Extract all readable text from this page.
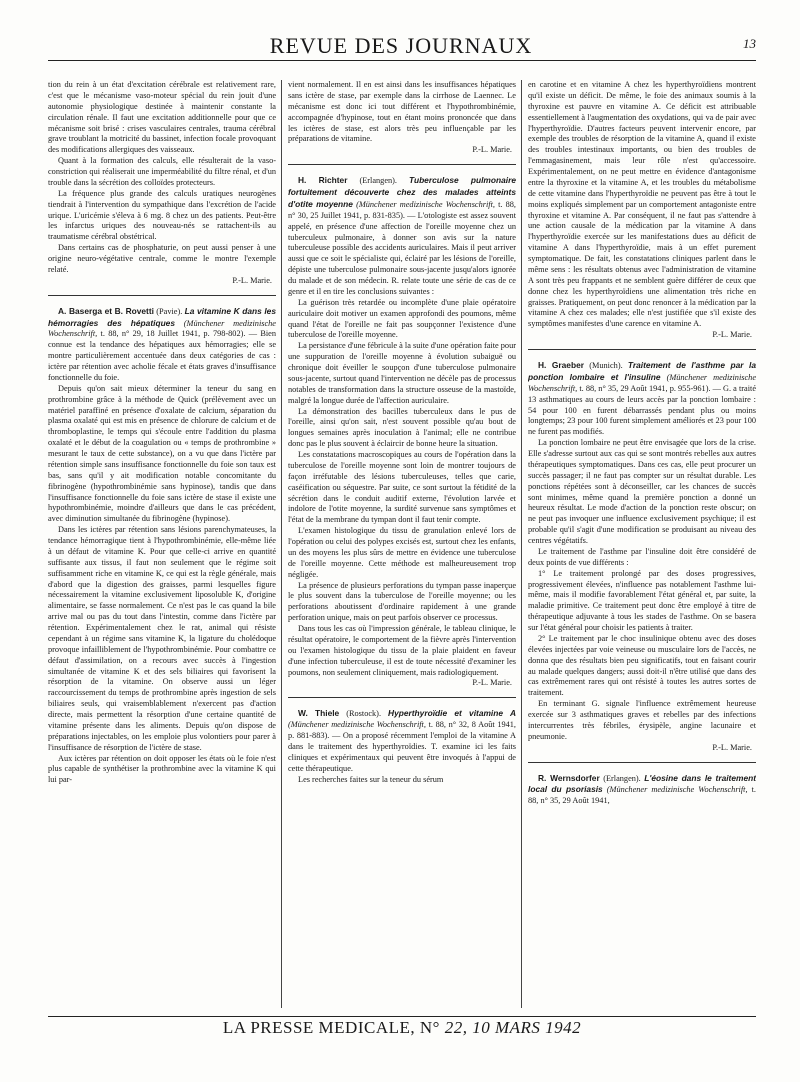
REVUE DES JOURNAUX	13

tion du rein à un état d'excitation cérébrale est relativement rare, c'est que le mécanisme vaso-moteur spécial du rein jouit d'une autonomie physiologique destinée à maintenir constante la circulation rénale. Il faut une excitation additionnelle pour que ce mécanisme soit brisé : crises vasculaires centrales, trauma cérébral grave troublant la motricité du bassinet, infection focale provoquant des modifications allergiques des vaisseaux.

Quant à la formation des calculs, elle résulterait de la vaso-constriction qui réaliserait une imperméabilité du filtre rénal, et d'un trouble dans la sécrétion des colloïdes protecteurs.

La fréquence plus grande des calculs uratiques neurogènes tiendrait à l'intervention du sympathique dans l'excrétion de l'acide urique. L'uricémie s'éleva à 6 mg. 8 chez un des patients. Peut-être les infarctus uriques des nouveau-nés se rattachent-ils au traumatisme cérébral obstétrical.

Dans certains cas de phosphaturie, on peut aussi penser à une origine neuro-végétative centrale, comme le montre l'exemple relaté.

P.-L. Marie.

A. Baserga et B. Rovetti (Pavie). La vitamine K dans les hémorragies des hépatiques (Münchener medizinische Wochenschrift, t. 88, n° 29, 18 Juillet 1941, p. 798-802). — Bien connue est la tendance des hépatiques aux hémorragies; elle se montre particulièrement accentuée dans deux catégories de cas : ictère par rétention avec acholie fécale et états graves d'insuffisance fonctionnelle du foie.

Depuis qu'on sait mieux déterminer la teneur du sang en prothrombine grâce à la méthode de Quick (prélèvement avec un matériel paraffiné en présence d'oxalate de calcium, séparation du plasma oxalaté qui est mis en présence de chlorure de calcium et de thromboplastine, le temps qui s'écoule entre l'addition du plasma oxalaté et le début de la coagulation ou « temps de prothrombine » mesurant le taux de cette substance), on a vu que dans l'ictère par rétention simple sans insuffisance fonctionnelle du foie son taux est bas, sans qu'il y ait modification notable concomitante du fibrinogène (hypothrombinémie sans hypinose), tandis que dans l'insuffisance fonctionnelle du foie sans ictère de stase il existe une hypothrombinémie, moindre d'ailleurs que dans le cas précédent, avec diminution simultanée du fibrinogène (hypinose).

Dans les ictères par rétention sans lésions parenchymateuses, la tendance hémorragique tient à l'hypothrombinémie, elle-même liée à un défaut de vitamine K. Pour que celle-ci arrive en quantité suffisante aux tissus, il faut non seulement que le régime soit suffisamment riche en vitamine K, ce qui est la règle générale, mais d'abord que la digestion des graisses, parmi lesquelles figure nécessairement la vitamine exclusivement liposoluble K, d'origine alimentaire, se fasse normalement. Ce n'est pas le cas quand la bile arrive mal ou pas du tout dans l'intestin, comme dans l'ictère par rétention. Expérimentalement chez le rat, animal qui résiste cependant à un régime sans vitamine K, la ligature du cholédoque provoque infailliblement de l'hypothrombinémie. Pour combattre ce défaut d'assimilation, on a recours avec succès à l'ingestion simultanée de vitamine K et des sels biliaires qui favorisent la résorption de la vitamine. On observe aussi un léger raccourcissement du temps de prothrombine après ingestion de sels biliaires seuls, qui vraisemblablement n'exercent pas d'action directe, mais permettent la résorption d'une certaine quantité de vitamine présente dans les aliments. Depuis qu'on dispose de préparations injectables, on les emploie plus volontiers pour parer à l'insuffisance de résorption de l'ictère de stase.

Aux ictères par rétention on doit opposer les états où le foie n'est plus capable de synthétiser la prothrombine avec la vitamine K qui lui par-

vient normalement. Il en est ainsi dans les insuffisances hépatiques sans ictère de stase, par exemple dans la cirrhose de Laennec. Le mécanisme est donc ici tout différent et l'hypothrombinémie, accompagnée d'hypinose, tout en étant moins prononcée que dans les ictères de stase, est alors très peu influençable par les préparations de vitamine.

P.-L. Marie.

H. Richter (Erlangen). Tuberculose pulmonaire fortuitement découverte chez des malades atteints d'otite moyenne (Münchener medizinische Wochenschrift, t. 88, n° 30, 25 Juillet 1941, p. 831-835). — L'otologiste est assez souvent appelé, en présence d'une affection de l'oreille moyenne chez un tuberculeux pulmonaire, à donner son avis sur la nature tuberculeuse possible des accidents auriculaires. Mais il peut arriver aussi que ce soit le spécialiste qui, éclairé par les lésions de l'oreille, dépiste une tuberculose pulmonaire sous-jacente jusqu'alors ignorée du malade et de son médecin. R. relate toute une série de cas de ce genre et il en tire les conclusions suivantes :

La guérison très retardée ou incomplète d'une plaie opératoire auriculaire doit motiver un examen approfondi des poumons, même quand l'état de l'oreille ne fait pas soupçonner l'existence d'une tuberculose de l'oreille moyenne.

La persistance d'une fébricule à la suite d'une opération faite pour une suppuration de l'oreille moyenne à évolution subaiguë ou chronique doit éveiller le soupçon d'une tuberculose pulmonaire sous-jacente, surtout quand l'intervention ne décèle pas de processus notables de transformation dans la structure osseuse de la mastoïde, malgré la longue durée de l'affection auriculaire.

La démonstration des bacilles tuberculeux dans le pus de l'oreille, ainsi qu'on sait, n'est souvent possible qu'au bout de longues semaines après inoculation à l'animal; elle ne contribue donc pas le plus souvent à éclaircir de bonne heure la situation.

Les constatations macroscopiques au cours de l'opération dans la tuberculose de l'oreille moyenne sont loin de montrer toujours de façon irréfutable des lésions tuberculeuses, telles que carie, caséification ou séquestre. Par suite, ce sont surtout la fétidité de la sécrétion dans le conduit auditif externe, l'évolution larvée et indolore de l'otite moyenne, la surdité survenue sans symptômes et l'état de la membrane du tympan dont il faut tenir compte.

L'examen histologique du tissu de granulation enlevé lors de l'opération ou celui des polypes excisés est, surtout chez les enfants, un des moyens les plus sûrs de mettre en évidence une tuberculose de l'oreille moyenne. Cette méthode est malheureusement trop négligée.

La présence de plusieurs perforations du tympan passe inaperçue le plus souvent dans la tuberculose de l'oreille moyenne; ou les perforations aboutissent d'ordinaire rapidement à une grande perforation unique, mais on peut parfois observer ce processus.

Dans tous les cas où l'impression générale, le tableau clinique, le résultat opératoire, le comportement de la fièvre après l'intervention ou l'examen histologique du tissu de la plaie plaident en faveur d'une infection tuberculeuse, il est de toute nécessité d'examiner les poumons, non seulement cliniquement, mais radiologiquement.

P.-L. Marie.

W. Thiele (Rostock). Hyperthyroïdie et vitamine A (Münchener medizinische Wochenschrift, t. 88, n° 32, 8 Août 1941, p. 881-883). — On a proposé récemment l'emploi de la vitamine A dans le traitement des hyperthyroïdies. T. examine ici les faits cliniques et expérimentaux qui peuvent être invoqués à l'appui de cette thérapeutique.

Les recherches faites sur la teneur du sérum

en carotine et en vitamine A chez les hyperthyroïdiens montrent qu'il existe un déficit. De même, le foie des animaux soumis à la thyroxine est pauvre en vitamine A. Ce déficit est attribuable essentiellement à l'augmentation des oxydations, qui va de pair avec l'hyperthyroïdie. D'autres facteurs peuvent intervenir encore, par exemple des troubles de résorption de la vitamine A, quand il existe des troubles intestinaux importants, ou bien des troubles de l'emmagasinement, mais leur rôle n'est qu'accessoire. Expérimentalement, on ne peut mettre en évidence d'antagonisme entre la thyroxine et la vitamine A, et les troubles du métabolisme de cette vitamine dans l'hyperthyroïdie ne peuvent pas être à tout le moins expliqués simplement par un comportement antagoniste entre thyroxine et vitamine A. Par conséquent, il ne faut pas s'attendre à une action causale de la médication par la vitamine A dans l'hyperthyroïdie exercée sur les manifestations dues au déficit de vitamine A dans l'hyperthyroïdie, mais à un effet purement symptomatique. De fait, les constatations cliniques parlent dans le même sens : les résultats obtenus avec l'administration de vitamine A sont très peu frappants et ne semblent guère différer de ceux que donne chez les hyperthyroïdiens une alimentation très riche en graisses. Pratiquement, on peut donc renoncer à la médication par la vitamine A chez ces malades; elle n'est justifiée que s'il existe des symptômes manifestes d'une carence en vitamine A.

P.-L. Marie.

H. Graeber (Munich). Traitement de l'asthme par la ponction lombaire et l'insuline (Münchener medizinische Wochenschrift, t. 88, n° 35, 29 Août 1941, p. 955-961). — G. a traité 13 asthmatiques au cours de leurs accès par la ponction lombaire : 54 pour 100 en furent débarrassés pendant plus ou moins longtemps; 23 pour 100 furent simplement améliorés et 23 pour 100 ne furent pas modifiés.

La ponction lombaire ne peut être envisagée que lors de la crise. Elle s'adresse surtout aux cas qui se sont montrés rebelles aux autres thérapeutiques symptomatiques. Dans ces cas, elle peut procurer un succès passager; il ne faut pas compter sur un résultat durable. Les ponctions répétées sont à déconseiller, car les chances de succès sont minimes, même quand la première ponction a donné un heureux résultat. Le mode d'action de la ponction reste obscur; on ne peut pas invoquer une influence exclusivement psychique; il est probable qu'il s'agit d'une modification se produisant au niveau des centres végétatifs.

Le traitement de l'asthme par l'insuline doit être considéré de deux points de vue différents :

1° Le traitement prolongé par des doses progressives, progressivement élevées, n'influence pas notablement l'asthme lui-même, mais il modifie favorablement l'état général et, par suite, la maladie primitive. Ce traitement peut donc être employé à titre de thérapeutique adjuvante à tous les stades de l'asthme. On se basera sur l'état général pour choisir les patients à traiter.

2° Le traitement par le choc insulinique obtenu avec des doses élevées injectées par voie veineuse ou musculaire lors de l'accès, ne donna que des résultats bien peu significatifs, tout en faisant courir au malade quelques dangers; aussi doit-il n'être utilisé que dans des cas extrêmement rares qui ont résisté à toutes les autres sortes de traitement.

En terminant G. signale l'influence extrêmement heureuse exercée sur 3 asthmatiques graves et rebelles par des infections intercurrentes très fébriles, érysipèle, angine lacunaire et pneumonie.

P.-L. Marie.

R. Wernsdorfer (Erlangen). L'éosine dans le traitement local du psoriasis (Münchener medizinische Wochenschrift, t. 88, n° 35, 29 Août 1941,

LA PRESSE MEDICALE, N° 22, 10 MARS 1942
